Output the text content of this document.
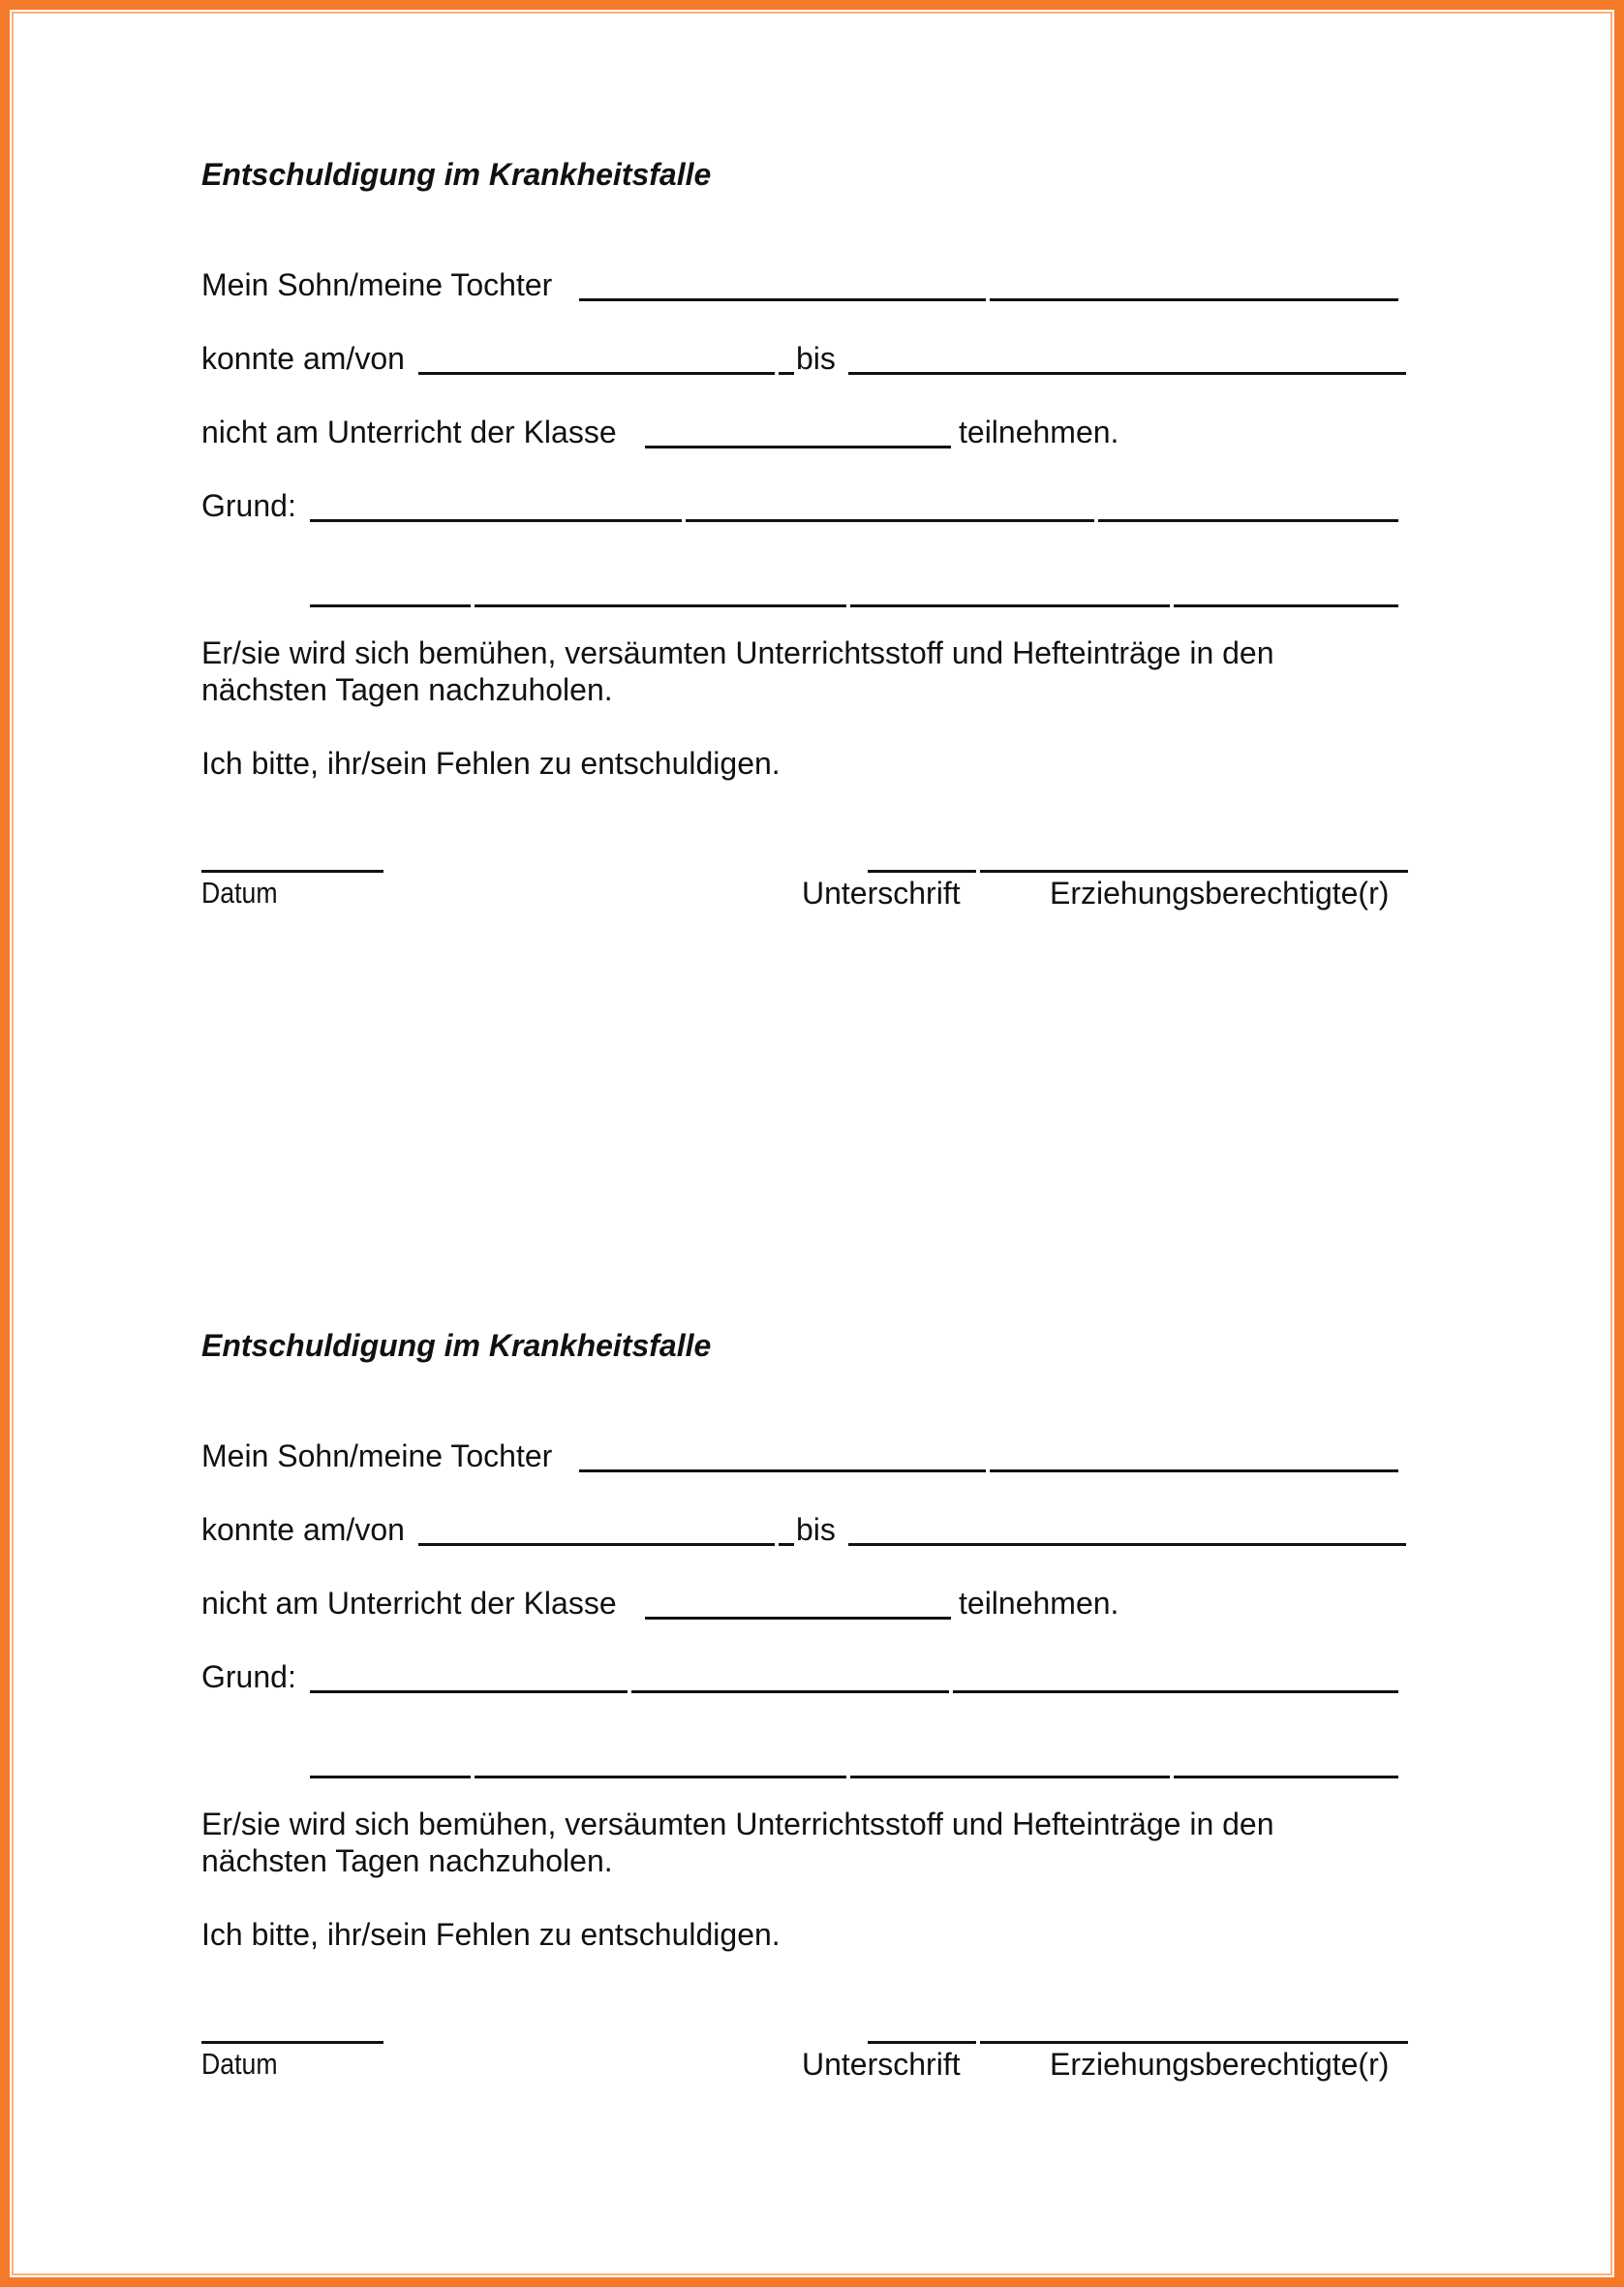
Entschuldigung im Krankheitsfalle

Mein Sohn/meine Tochter

konnte am/von	bis

nicht am Unterricht der Klasse	teilnehmen.

Grund:

Er/sie wird sich bemühen, versäumten Unterrichtsstoff und Hefteinträge in den

nächsten Tagen nachzuholen.

Ich bitte, ihr/sein Fehlen zu entschuldigen.

Datum	Unterschrift	Erziehungsberechtigte(r)

Entschuldigung im Krankheitsfalle

Mein Sohn/meine Tochter

konnte am/von	bis

nicht am Unterricht der Klasse	teilnehmen.

Grund:

Er/sie wird sich bemühen, versäumten Unterrichtsstoff und Hefteinträge in den

nächsten Tagen nachzuholen.

Ich bitte, ihr/sein Fehlen zu entschuldigen.

Datum	Unterschrift	Erziehungsberechtigte(r)
